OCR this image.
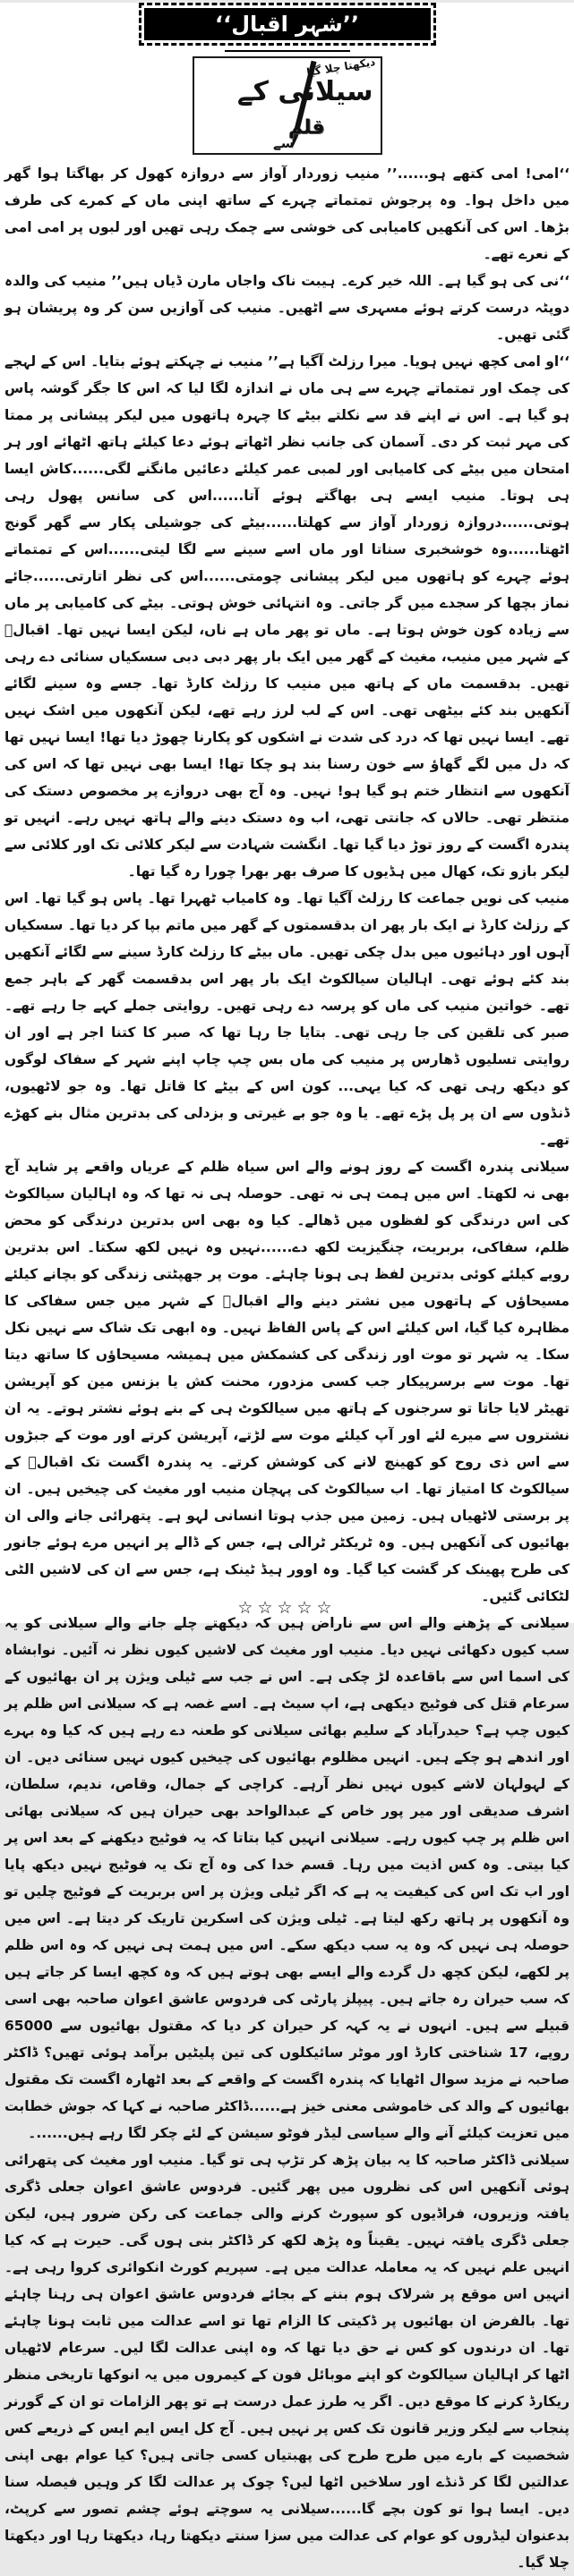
’’شہر اقبال‘‘
دیکھتا چلا گیا
سیلانی کے
قلم
سے

‘‘امی! امی کتھے ہو......’’ منیب زوردار آواز سے دروازہ کھول کر بھاگتا ہوا گھر میں داخل ہوا۔ وہ پرجوش تمتماتے چہرے کے ساتھ اپنی ماں کے کمرے کی طرف بڑھا۔ اس کی آنکھیں کامیابی کی خوشی سے چمک رہی تھیں اور لبوں پر امی امی کے نعرے تھے۔

‘‘نی کی ہو گیا ہے۔ اللہ خیر کرے۔ ہیبت ناک واجاں مارن ڈیاں ہیں’’ منیب کی والدہ دوپٹہ درست کرتے ہوئے مسہری سے اٹھیں۔ منیب کی آوازیں سن کر وہ پریشان ہو گئی تھیں۔

‘‘او امی کچھ نہیں ہویا۔ میرا رزلٹ آگیا ہے’’ منیب نے چہکتے ہوئے بتایا۔ اس کے لہجے کی چمک اور تمتماتے چہرے سے ہی ماں نے اندازہ لگا لیا کہ اس کا جگر گوشہ پاس ہو گیا ہے۔ اس نے اپنے قد سے نکلتے بیٹے کا چہرہ ہاتھوں میں لیکر پیشانی پر ممتا کی مہر ثبت کر دی۔ آسمان کی جانب نظر اٹھاتے ہوئے دعا کیلئے ہاتھ اٹھائے اور ہر امتحان میں بیٹے کی کامیابی اور لمبی عمر کیلئے دعائیں مانگنے لگی......کاش ایسا ہی ہوتا۔ منیب ایسے ہی بھاگتے ہوئے آتا......اس کی سانس پھول رہی ہوتی......دروازہ زوردار آواز سے کھلتا......بیٹے کی جوشیلی پکار سے گھر گونج اٹھتا......وہ خوشخبری سناتا اور ماں اسے سینے سے لگا لیتی......اس کے تمتماتے ہوئے چہرے کو ہاتھوں میں لیکر پیشانی چومتی......اس کی نظر اتارتی......جائے نماز بچھا کر سجدے میں گر جاتی۔ وہ انتہائی خوش ہوتی۔ بیٹے کی کامیابی پر ماں سے زیادہ کون خوش ہوتا ہے۔ ماں تو پھر ماں ہے ناں، لیکن ایسا نہیں تھا۔ اقبالؒ کے شہر میں منیب، مغیث کے گھر میں ایک بار پھر دبی دبی سسکیاں سنائی دے رہی تھیں۔ بدقسمت ماں کے ہاتھ میں منیب کا رزلٹ کارڈ تھا۔ جسے وہ سینے لگائے آنکھیں بند کئے بیٹھی تھی۔ اس کے لب لرز رہے تھے، لیکن آنکھوں میں اشک نہیں تھے۔ ایسا نہیں تھا کہ درد کی شدت نے اشکوں کو پکارنا چھوڑ دیا تھا! ایسا نہیں تھا کہ دل میں لگے گھاؤ سے خون رسنا بند ہو چکا تھا! ایسا بھی نہیں تھا کہ اس کی آنکھوں سے انتظار ختم ہو گیا ہو! نہیں۔ وہ آج بھی دروازے پر مخصوص دستک کی منتظر تھی۔ حالاں کہ جانتی تھی، اب وہ دستک دینے والے ہاتھ نہیں رہے۔ انہیں تو پندرہ اگست کے روز توڑ دیا گیا تھا۔ انگشت شہادت سے لیکر کلائی تک اور کلائی سے لیکر بازو تک، کھال میں ہڈیوں کا صرف بھر بھرا چورا رہ گیا تھا۔

منیب کی نویں جماعت کا رزلٹ آگیا تھا۔ وہ کامیاب ٹھہرا تھا۔ پاس ہو گیا تھا۔ اس کے رزلٹ کارڈ نے ایک بار پھر ان بدقسمتوں کے گھر میں ماتم بپا کر دیا تھا۔ سسکیاں آہوں اور دہائیوں میں بدل چکی تھیں۔ ماں بیٹے کا رزلٹ کارڈ سینے سے لگائے آنکھیں بند کئے ہوئے تھی۔ اہالیان سیالکوٹ ایک بار پھر اس بدقسمت گھر کے باہر جمع تھے۔ خواتین منیب کی ماں کو پرسہ دے رہی تھیں۔ روایتی جملے کہے جا رہے تھے۔ صبر کی تلقین کی جا رہی تھی۔ بتایا جا رہا تھا کہ صبر کا کتنا اجر ہے اور ان روایتی تسلیوں ڈھارس پر منیب کی ماں بس چپ چاپ اپنے شہر کے سفاک لوگوں کو دیکھ رہی تھی کہ کیا یہی... کون اس کے بیٹے کا قاتل تھا۔ وہ جو لاٹھیوں، ڈنڈوں سے ان پر پل پڑے تھے۔ یا وہ جو بے غیرتی و بزدلی کی بدترین مثال بنے کھڑے تھے۔

سیلانی پندرہ اگست کے روز ہونے والے اس سیاہ ظلم کے عریاں واقعے پر شاید آج بھی نہ لکھتا۔ اس میں ہمت ہی نہ تھی۔ حوصلہ ہی نہ تھا کہ وہ اہالیان سیالکوٹ کی اس درندگی کو لفظوں میں ڈھالے۔ کیا وہ بھی اس بدترین درندگی کو محض ظلم، سفاکی، بربریت، چنگیزیت لکھ دے......نہیں وہ نہیں لکھ سکتا۔ اس بدترین رویے کیلئے کوئی بدترین لفظ ہی ہونا چاہئے۔ موت پر جھپٹتی زندگی کو بچانے کیلئے مسیحاؤں کے ہاتھوں میں نشتر دینے والے اقبالؒ کے شہر میں جس سفاکی کا مظاہرہ کیا گیا، اس کیلئے اس کے پاس الفاظ نہیں۔ وہ ابھی تک شاک سے نہیں نکل سکا۔ یہ شہر تو موت اور زندگی کی کشمکش میں ہمیشہ مسیحاؤں کا ساتھ دیتا تھا۔ موت سے برسرپیکار جب کسی مزدور، محنت کش یا بزنس مین کو آپریشن تھیٹر لایا جاتا تو سرجنوں کے ہاتھ میں سیالکوٹ ہی کے بنے ہوئے نشتر ہوتے۔ یہ ان نشتروں سے میرے لئے اور آپ کیلئے موت سے لڑتے، آپریشن کرتے اور موت کے جبڑوں سے اس ذی روح کو کھینچ لانے کی کوشش کرتے۔ یہ پندرہ اگست تک اقبالؒ کے سیالکوٹ کا امتیاز تھا۔ اب سیالکوٹ کی پہچان منیب اور مغیث کی چیخیں ہیں۔ ان پر برستی لاٹھیاں ہیں۔ زمین میں جذب ہوتا انسانی لہو ہے۔ پتھرائی جانے والی ان بھائیوں کی آنکھیں ہیں۔ وہ ٹریکٹر ٹرالی ہے، جس کے ڈالے پر انہیں مرے ہوئے جانور کی طرح پھینک کر گشت کیا گیا۔ وہ اوور ہیڈ ٹینک ہے، جس سے ان کی لاشیں الٹی لٹکائی گئیں۔

سیلانی کے پڑھنے والے اس سے ناراض ہیں کہ دیکھتے چلے جانے والے سیلانی کو یہ سب کیوں دکھائی نہیں دیا۔ منیب اور مغیث کی لاشیں کیوں نظر نہ آئیں۔ نوابشاہ کی اسما اس سے باقاعدہ لڑ چکی ہے۔ اس نے جب سے ٹیلی ویژن پر ان بھائیوں کے سرعام قتل کی فوٹیج دیکھی ہے، اپ سیٹ ہے۔ اسے غصہ ہے کہ سیلانی اس ظلم پر کیوں چپ ہے؟ حیدرآباد کے سلیم بھائی سیلانی کو طعنہ دے رہے ہیں کہ کیا وہ بہرے اور اندھے ہو چکے ہیں۔ انہیں مظلوم بھائیوں کی چیخیں کیوں نہیں سنائی دیں۔ ان کے لہولہان لاشے کیوں نہیں نظر آرہے۔ کراچی کے جمال، وقاص، ندیم، سلطان، اشرف صدیقی اور میر پور خاص کے عبدالواحد بھی حیران ہیں کہ سیلانی بھائی اس ظلم پر چپ کیوں رہے۔ سیلانی انہیں کیا بتاتا کہ یہ فوٹیج دیکھنے کے بعد اس پر کیا بیتی۔ وہ کس اذیت میں رہا۔ قسم خدا کی وہ آج تک یہ فوٹیج نہیں دیکھ پایا اور اب تک اس کی کیفیت یہ ہے کہ اگر ٹیلی ویژن پر اس بربریت کے فوٹیج چلیں تو وہ آنکھوں پر ہاتھ رکھ لیتا ہے۔ ٹیلی ویژن کی اسکرین تاریک کر دیتا ہے۔ اس میں حوصلہ ہی نہیں کہ وہ یہ سب دیکھ سکے۔ اس میں ہمت ہی نہیں کہ وہ اس ظلم پر لکھے، لیکن کچھ دل گردے والے ایسے بھی ہوتے ہیں کہ وہ کچھ ایسا کر جاتے ہیں کہ سب حیران رہ جاتے ہیں۔ پیپلز پارٹی کی فردوس عاشق اعوان صاحبہ بھی اسی قبیلے سے ہیں۔ انہوں نے یہ کہہ کر حیران کر دیا کہ مقتول بھائیوں سے 65000 روپے، 17 شناختی کارڈ اور موٹر سائیکلوں کی تین پلیٹیں برآمد ہوئی تھیں؟ ڈاکٹر صاحبہ نے مزید سوال اٹھایا کہ پندرہ اگست کے واقعے کے بعد اٹھارہ اگست تک مقتول بھائیوں کے والد کی خاموشی معنی خیز ہے......ڈاکٹر صاحبہ نے کہا کہ جوش خطابت میں تعزیت کیلئے آنے والے سیاسی لیڈر فوٹو سیشن کے لئے چکر لگا رہے ہیں......۔

سیلانی ڈاکٹر صاحبہ کا یہ بیان پڑھ کر تڑپ ہی تو گیا۔ منیب اور مغیث کی پتھرائی ہوئی آنکھیں اس کی نظروں میں پھر گئیں۔ فردوس عاشق اعوان جعلی ڈگری یافتہ وزیروں، فراڈیوں کو سپورٹ کرنے والی جماعت کی رکن ضرور ہیں، لیکن جعلی ڈگری یافتہ نہیں۔ یقیناً وہ پڑھ لکھ کر ڈاکٹر بنی ہوں گی۔ حیرت ہے کہ کیا انہیں علم نہیں کہ یہ معاملہ عدالت میں ہے۔ سپریم کورٹ انکوائری کروا رہی ہے۔ انہیں اس موقع پر شرلاک ہوم بننے کے بجائے فردوس عاشق اعوان ہی رہنا چاہئے تھا۔ بالفرض ان بھائیوں پر ڈکیتی کا الزام تھا تو اسے عدالت میں ثابت ہونا چاہئے تھا۔ ان درندوں کو کس نے حق دیا تھا کہ وہ اپنی عدالت لگا لیں۔ سرعام لاٹھیاں اٹھا کر اہالیان سیالکوٹ کو اپنے موبائل فون کے کیمروں میں یہ انوکھا تاریخی منظر ریکارڈ کرنے کا موقع دیں۔ اگر یہ طرز عمل درست ہے تو پھر الزامات تو ان کے گورنر پنجاب سے لیکر وزیر قانون تک کس پر نہیں ہیں۔ آج کل ایس ایم ایس کے ذریعے کس شخصیت کے بارے میں طرح طرح کی پھبتیاں کسی جاتی ہیں؟ کیا عوام بھی اپنی عدالتیں لگا کر ڈنڈے اور سلاخیں اٹھا لیں؟ چوک پر عدالت لگا کر وہیں فیصلہ سنا دیں۔ ایسا ہوا تو کون بچے گا......سیلانی یہ سوچتے ہوئے چشم تصور سے کرپٹ، بدعنوان لیڈروں کو عوام کی عدالت میں سزا سنتے دیکھتا رہا، دیکھتا رہا اور دیکھتا چلا گیا۔

☆☆☆☆☆
